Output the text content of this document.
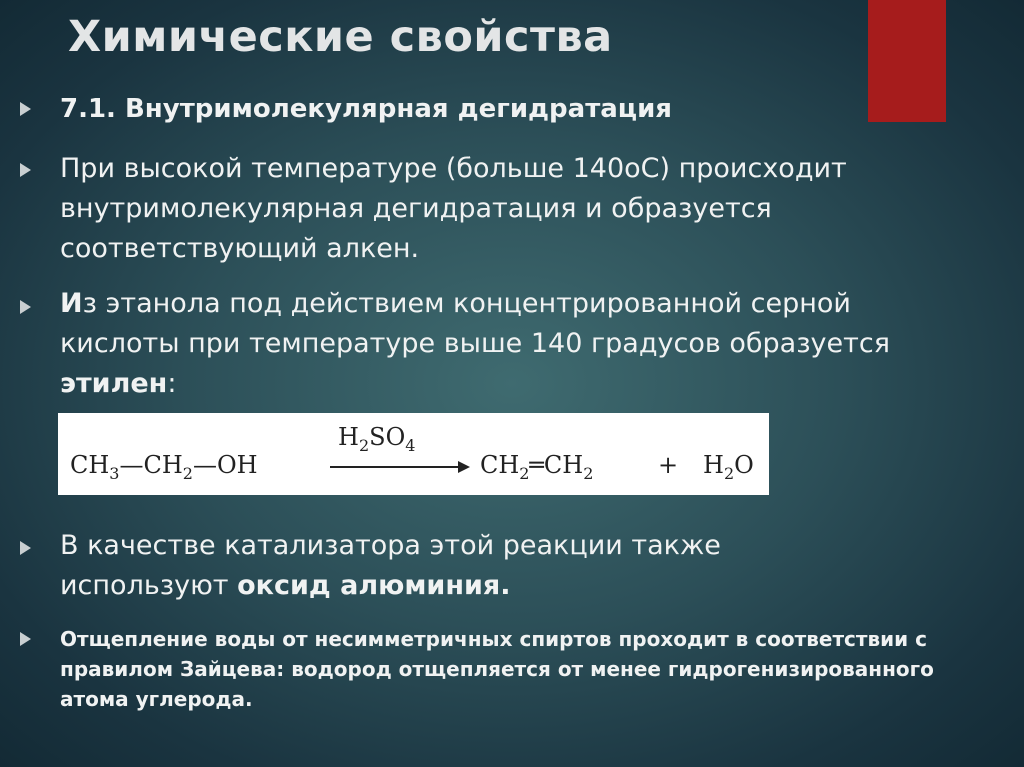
Химические свойства
7.1. Внутримолекулярная дегидратация
При высокой температуре (больше 140оС) происходит внутримолекулярная дегидратация и образуется соответствующий алкен.
Из этанола под действием концентрированной серной кислоты при температуре выше 140 градусов образуется этилен:
$H_2SO_4$
$CH_3—CH_2—OH$	$CH_2═CH_2$	+ $H_2O$
В качестве катализатора этой реакции также используют оксид алюминия.
Отщепление воды от несимметричных спиртов проходит в соответствии с правилом Зайцева: водород отщепляется от менее гидрогенизированного атома углерода.
